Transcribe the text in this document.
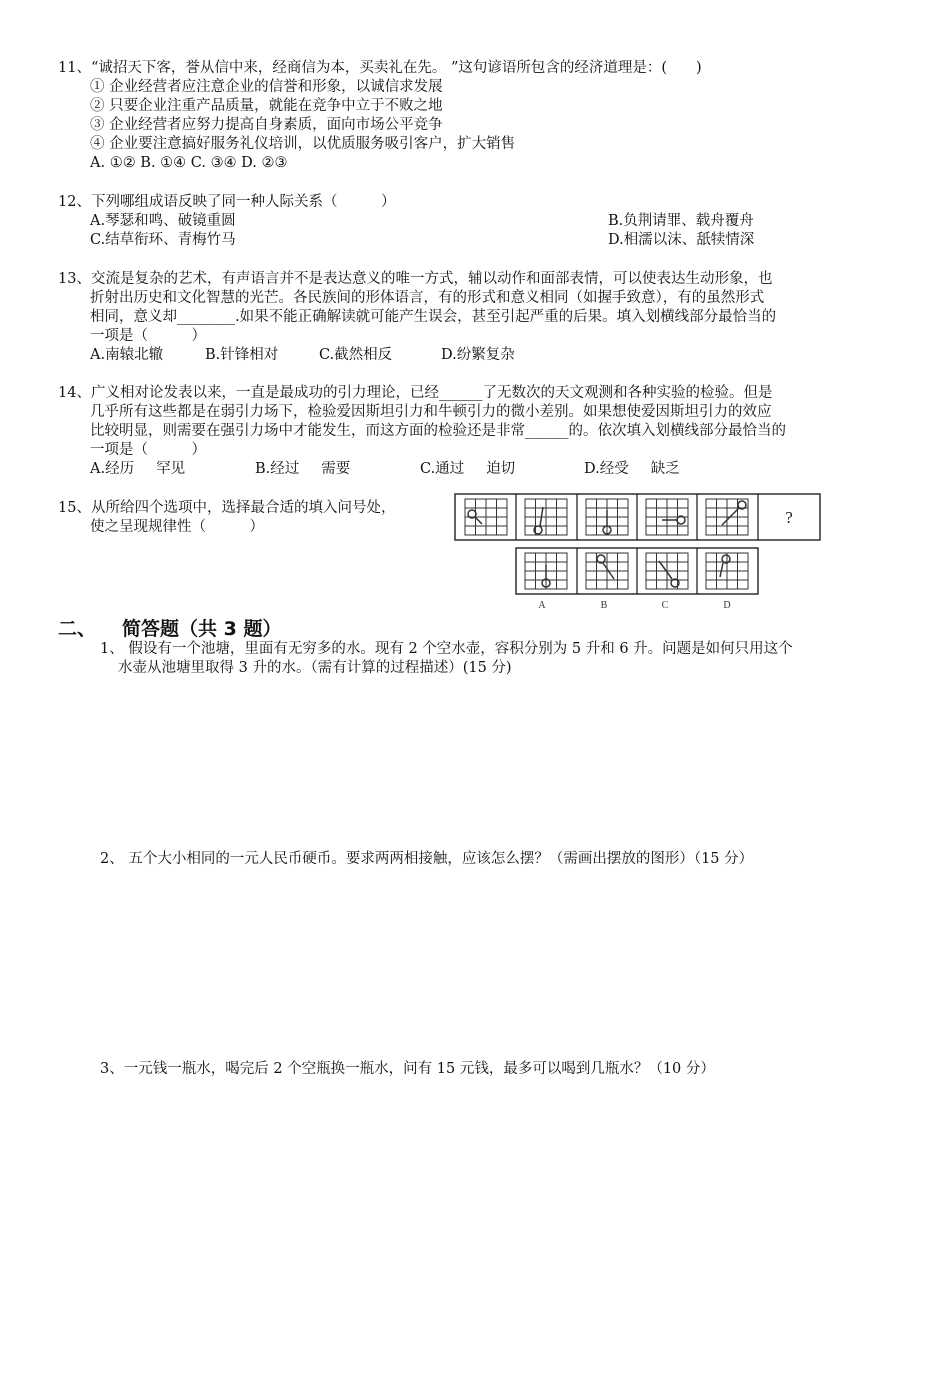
11、“诚招天下客，誉从信中来，经商信为本，买卖礼在先。 ”这句谚语所包含的经济道理是：(　　)
① 企业经营者应注意企业的信誉和形象，以诚信求发展
② 只要企业注重产品质量，就能在竞争中立于不败之地
③ 企业经营者应努力提高自身素质，面向市场公平竞争
④ 企业要注意搞好服务礼仪培训，以优质服务吸引客户，扩大销售
A. ①② B. ①④ C. ③④ D. ②③
12、下列哪组成语反映了同一种人际关系（　　　）
A.琴瑟和鸣、破镜重圆	B.负荆请罪、载舟覆舟
C.结草衔环、青梅竹马	D.相濡以沫、舐犊情深
13、交流是复杂的艺术，有声语言并不是表达意义的唯一方式，辅以动作和面部表情，可以使表达生动形象，也
折射出历史和文化智慧的光芒。各民族间的形体语言，有的形式和意义相同（如握手致意），有的虽然形式
相同，意义却________.如果不能正确解读就可能产生误会，甚至引起严重的后果。填入划横线部分最恰当的
一项是（　　　）
A.南辕北辙	B.针锋相对	C.截然相反	D.纷繁复杂
14、广义相对论发表以来，一直是最成功的引力理论，已经______了无数次的天文观测和各种实验的检验。但是
几乎所有这些都是在弱引力场下，检验爱因斯坦引力和牛顿引力的微小差别。如果想使爱因斯坦引力的效应
比较明显，则需要在强引力场中才能发生，而这方面的检验还是非常______的。依次填入划横线部分最恰当的
一项是（　　　）
A.经历 罕见	B.经过 需要	C.通过 迫切	D.经受 缺乏
15、从所给四个选项中，选择最合适的填入问号处，
使之呈现规律性（　　　）	?
A	B	C	D
二、 简答题（共 3 题）
1、 假设有一个池塘，里面有无穷多的水。现有 2 个空水壶，容积分别为 5 升和 6 升。问题是如何只用这个
水壶从池塘里取得 3 升的水。（需有计算的过程描述）(15 分)
2、 五个大小相同的一元人民币硬币。要求两两相接触，应该怎么摆？（需画出摆放的图形）（15 分）
3、一元钱一瓶水，喝完后 2 个空瓶换一瓶水，问有 15 元钱，最多可以喝到几瓶水？（10 分）
